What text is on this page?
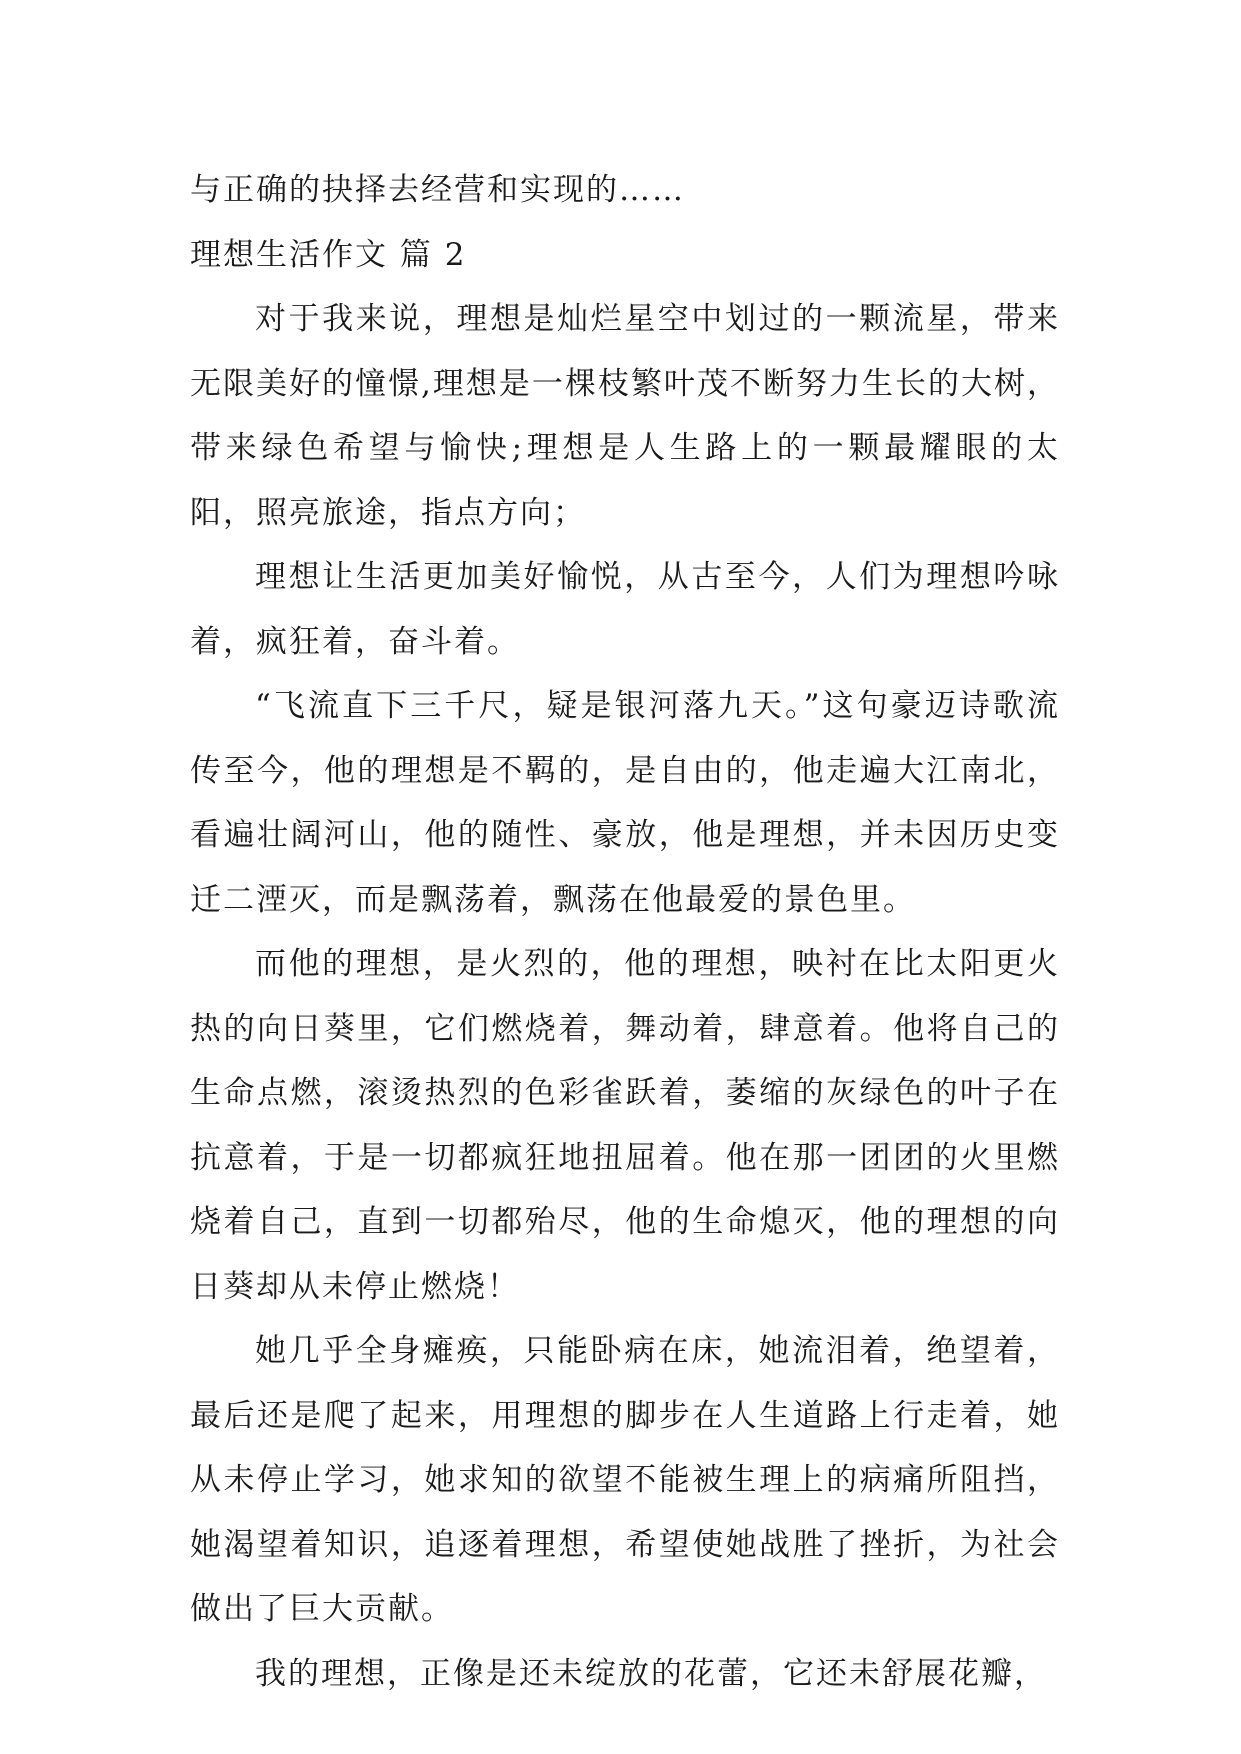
与正确的抉择去经营和实现的……

理想生活作文 篇 2

对于我来说，理想是灿烂星空中划过的一颗流星，带来无限美好的憧憬,理想是一棵枝繁叶茂不断努力生长的大树，带来绿色希望与愉快;理想是人生路上的一颗最耀眼的太阳，照亮旅途，指点方向；

理想让生活更加美好愉悦，从古至今，人们为理想吟咏着，疯狂着，奋斗着。

“飞流直下三千尺，疑是银河落九天。”这句豪迈诗歌流传至今，他的理想是不羁的，是自由的，他走遍大江南北，看遍壮阔河山，他的随性、豪放，他是理想，并未因历史变迁二湮灭，而是飘荡着，飘荡在他最爱的景色里。

而他的理想，是火烈的，他的理想，映衬在比太阳更火热的向日葵里，它们燃烧着，舞动着，肆意着。他将自己的生命点燃，滚烫热烈的色彩雀跃着，萎缩的灰绿色的叶子在抗意着，于是一切都疯狂地扭屈着。他在那一团团的火里燃烧着自己，直到一切都殆尽，他的生命熄灭，他的理想的向日葵却从未停止燃烧！

她几乎全身瘫痪，只能卧病在床，她流泪着，绝望着，最后还是爬了起来，用理想的脚步在人生道路上行走着，她从未停止学习，她求知的欲望不能被生理上的病痛所阻挡，她渴望着知识，追逐着理想，希望使她战胜了挫折，为社会做出了巨大贡献。

我的理想，正像是还未绽放的花蕾，它还未舒展花瓣，
